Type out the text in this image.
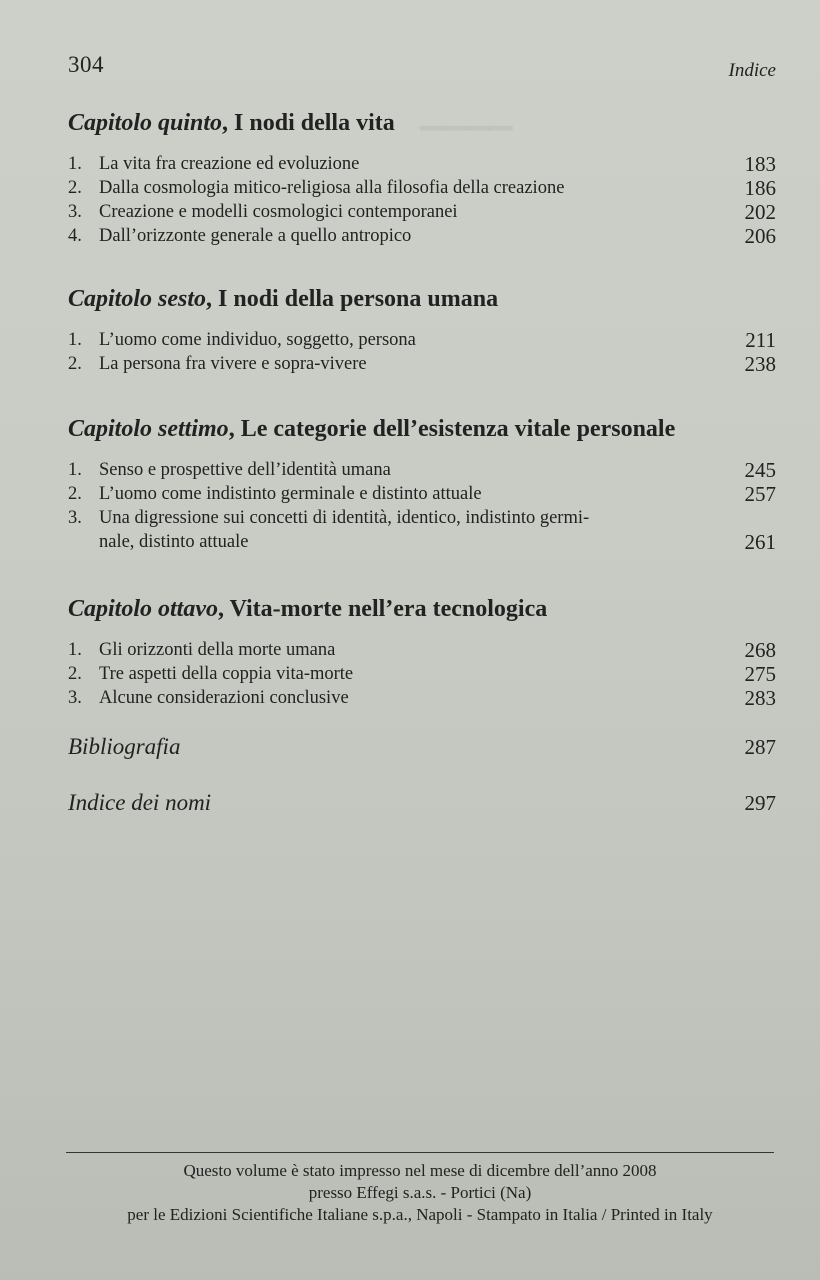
▁▁▁▁
304	Indice
Capitolo quinto, I nodi della vita
1. La vita fra creazione ed evoluzione	183
2. Dalla cosmologia mitico-religiosa alla filosofia della creazione	186
3. Creazione e modelli cosmologici contemporanei	202
4. Dall’orizzonte generale a quello antropico	206
Capitolo sesto, I nodi della persona umana
1. L’uomo come individuo, soggetto, persona	211
2. La persona fra vivere e sopra-vivere	238
Capitolo settimo, Le categorie dell’esistenza vitale personale
1. Senso e prospettive dell’identità umana	245
2. L’uomo come indistinto germinale e distinto attuale	257
3. Una digressione sui concetti di identità, identico, indistinto germi-
nale, distinto attuale	261
Capitolo ottavo, Vita-morte nell’era tecnologica
1. Gli orizzonti della morte umana	268
2. Tre aspetti della coppia vita-morte	275
3. Alcune considerazioni conclusive	283
Bibliografia	287
Indice dei nomi	297
Questo volume è stato impresso nel mese di dicembre dell’anno 2008
presso Effegi s.a.s. - Portici (Na)
per le Edizioni Scientifiche Italiane s.p.a., Napoli - Stampato in Italia / Printed in Italy
